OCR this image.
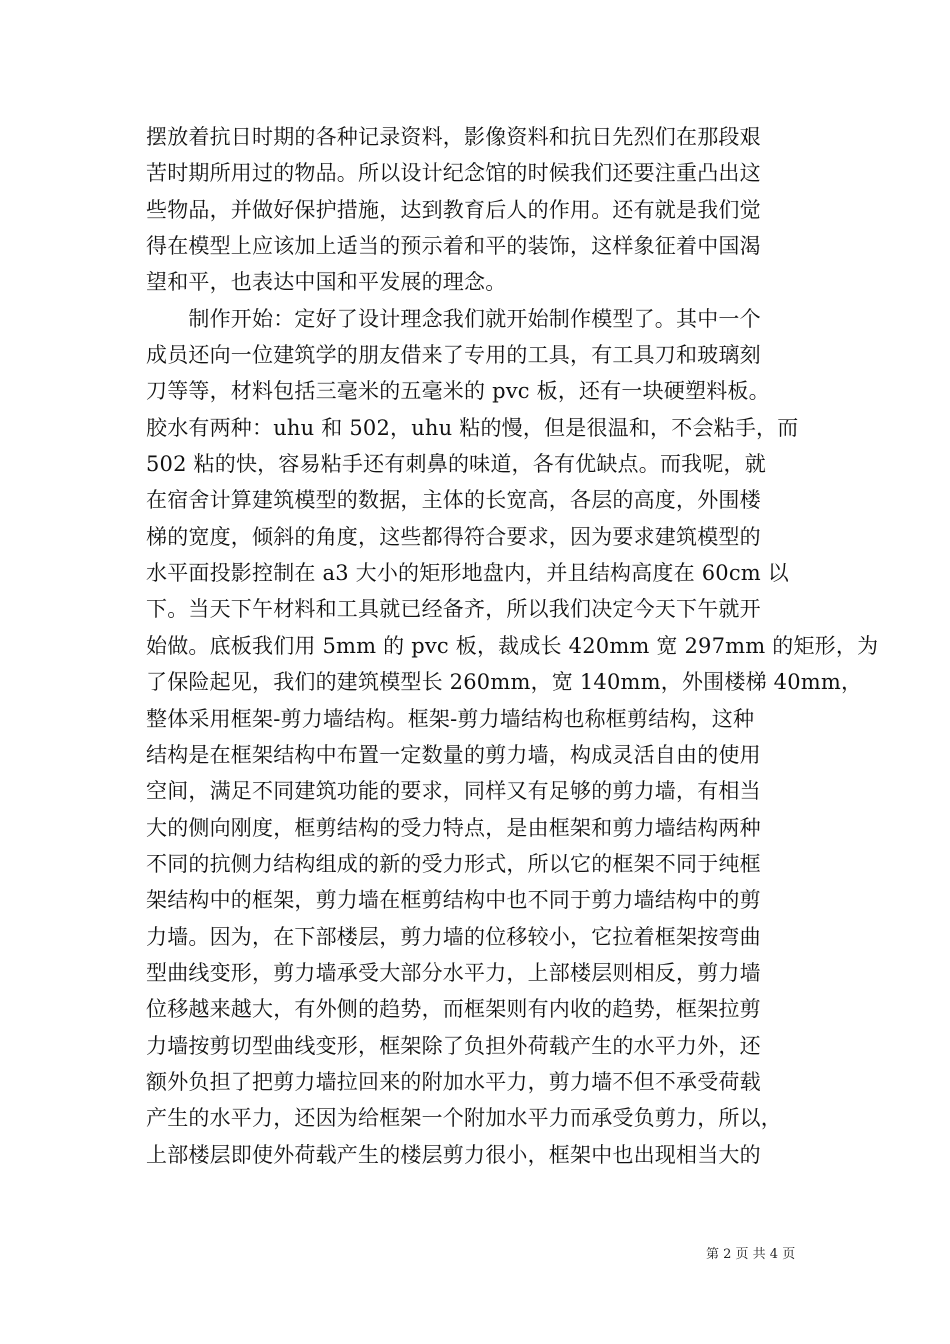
摆放着抗日时期的各种记录资料，影像资料和抗日先烈们在那段艰
苦时期所用过的物品。所以设计纪念馆的时候我们还要注重凸出这
些物品，并做好保护措施，达到教育后人的作用。还有就是我们觉
得在模型上应该加上适当的预示着和平的装饰，这样象征着中国渴
望和平，也表达中国和平发展的理念。
　　制作开始：定好了设计理念我们就开始制作模型了。其中一个
成员还向一位建筑学的朋友借来了专用的工具，有工具刀和玻璃刻
刀等等，材料包括三毫米的五毫米的 pvc 板，还有一块硬塑料板。
胶水有两种：uhu 和 502，uhu 粘的慢，但是很温和，不会粘手，而
502 粘的快，容易粘手还有刺鼻的味道，各有优缺点。而我呢，就
在宿舍计算建筑模型的数据，主体的长宽高，各层的高度，外围楼
梯的宽度，倾斜的角度，这些都得符合要求，因为要求建筑模型的
水平面投影控制在 a3 大小的矩形地盘内，并且结构高度在 60cm 以
下。当天下午材料和工具就已经备齐，所以我们决定今天下午就开
始做。底板我们用 5mm 的 pvc 板，裁成长 420mm 宽 297mm 的矩形，为
了保险起见，我们的建筑模型长 260mm，宽 140mm，外围楼梯 40mm，
整体采用框架-剪力墙结构。框架-剪力墙结构也称框剪结构，这种
结构是在框架结构中布置一定数量的剪力墙，构成灵活自由的使用
空间，满足不同建筑功能的要求，同样又有足够的剪力墙，有相当
大的侧向刚度，框剪结构的受力特点，是由框架和剪力墙结构两种
不同的抗侧力结构组成的新的受力形式，所以它的框架不同于纯框
架结构中的框架，剪力墙在框剪结构中也不同于剪力墙结构中的剪
力墙。因为，在下部楼层，剪力墙的位移较小，它拉着框架按弯曲
型曲线变形，剪力墙承受大部分水平力，上部楼层则相反，剪力墙
位移越来越大，有外侧的趋势，而框架则有内收的趋势，框架拉剪
力墙按剪切型曲线变形，框架除了负担外荷载产生的水平力外，还
额外负担了把剪力墙拉回来的附加水平力，剪力墙不但不承受荷载
产生的水平力，还因为给框架一个附加水平力而承受负剪力，所以，
上部楼层即使外荷载产生的楼层剪力很小，框架中也出现相当大的
第 2 页 共 4 页
